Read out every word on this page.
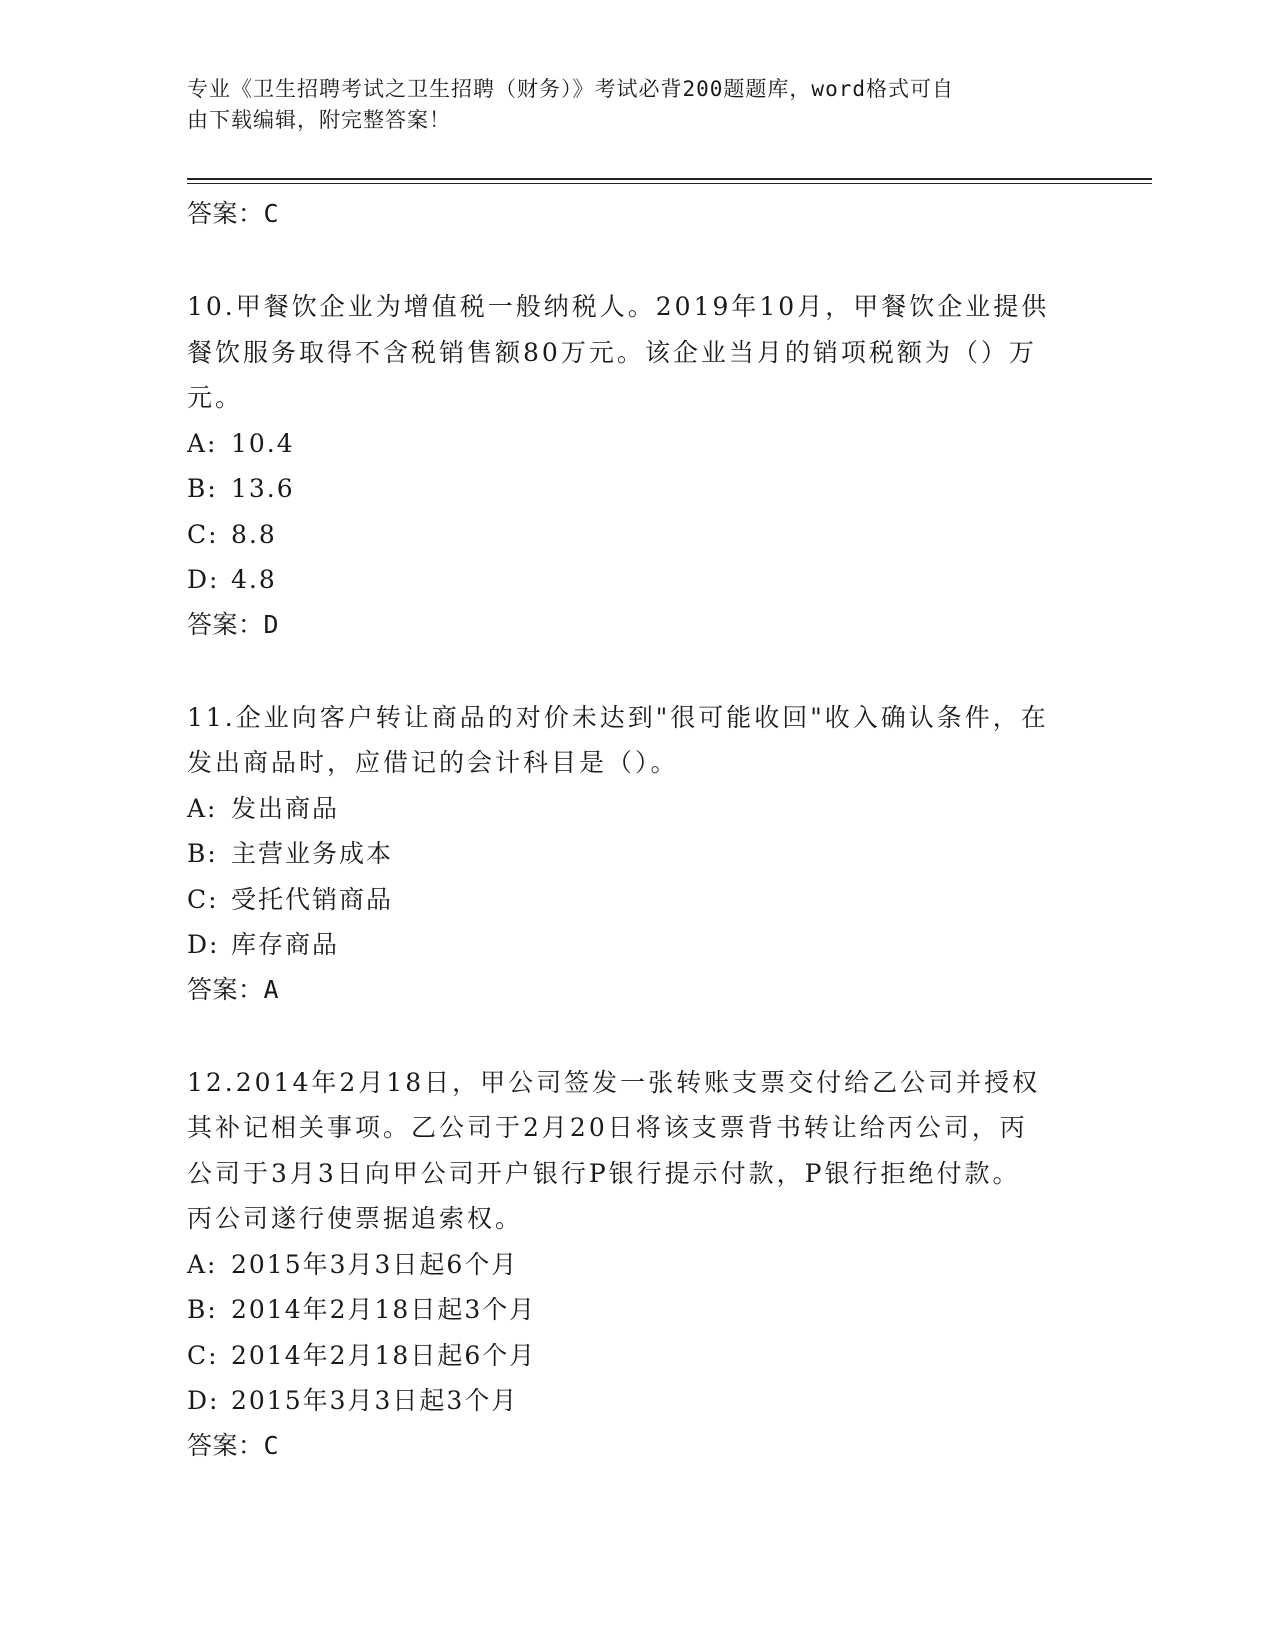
专业《卫生招聘考试之卫生招聘（财务）》考试必背200题题库，word格式可自
由下载编辑，附完整答案！
答案：C
10.甲餐饮企业为增值税一般纳税人。2019年10月，甲餐饮企业提供
餐饮服务取得不含税销售额80万元。该企业当月的销项税额为（）万
元。
A: 10.4
B: 13.6
C: 8.8
D: 4.8
答案：D
11.企业向客户转让商品的对价未达到"很可能收回"收入确认条件，在
发出商品时，应借记的会计科目是（）。
A: 发出商品
B: 主营业务成本
C: 受托代销商品
D: 库存商品
答案：A
12.2014年2月18日，甲公司签发一张转账支票交付给乙公司并授权
其补记相关事项。乙公司于2月20日将该支票背书转让给丙公司，丙
公司于3月3日向甲公司开户银行P银行提示付款，P银行拒绝付款。
丙公司遂行使票据追索权。
A: 2015年3月3日起6个月
B: 2014年2月18日起3个月
C: 2014年2月18日起6个月
D: 2015年3月3日起3个月
答案：C
